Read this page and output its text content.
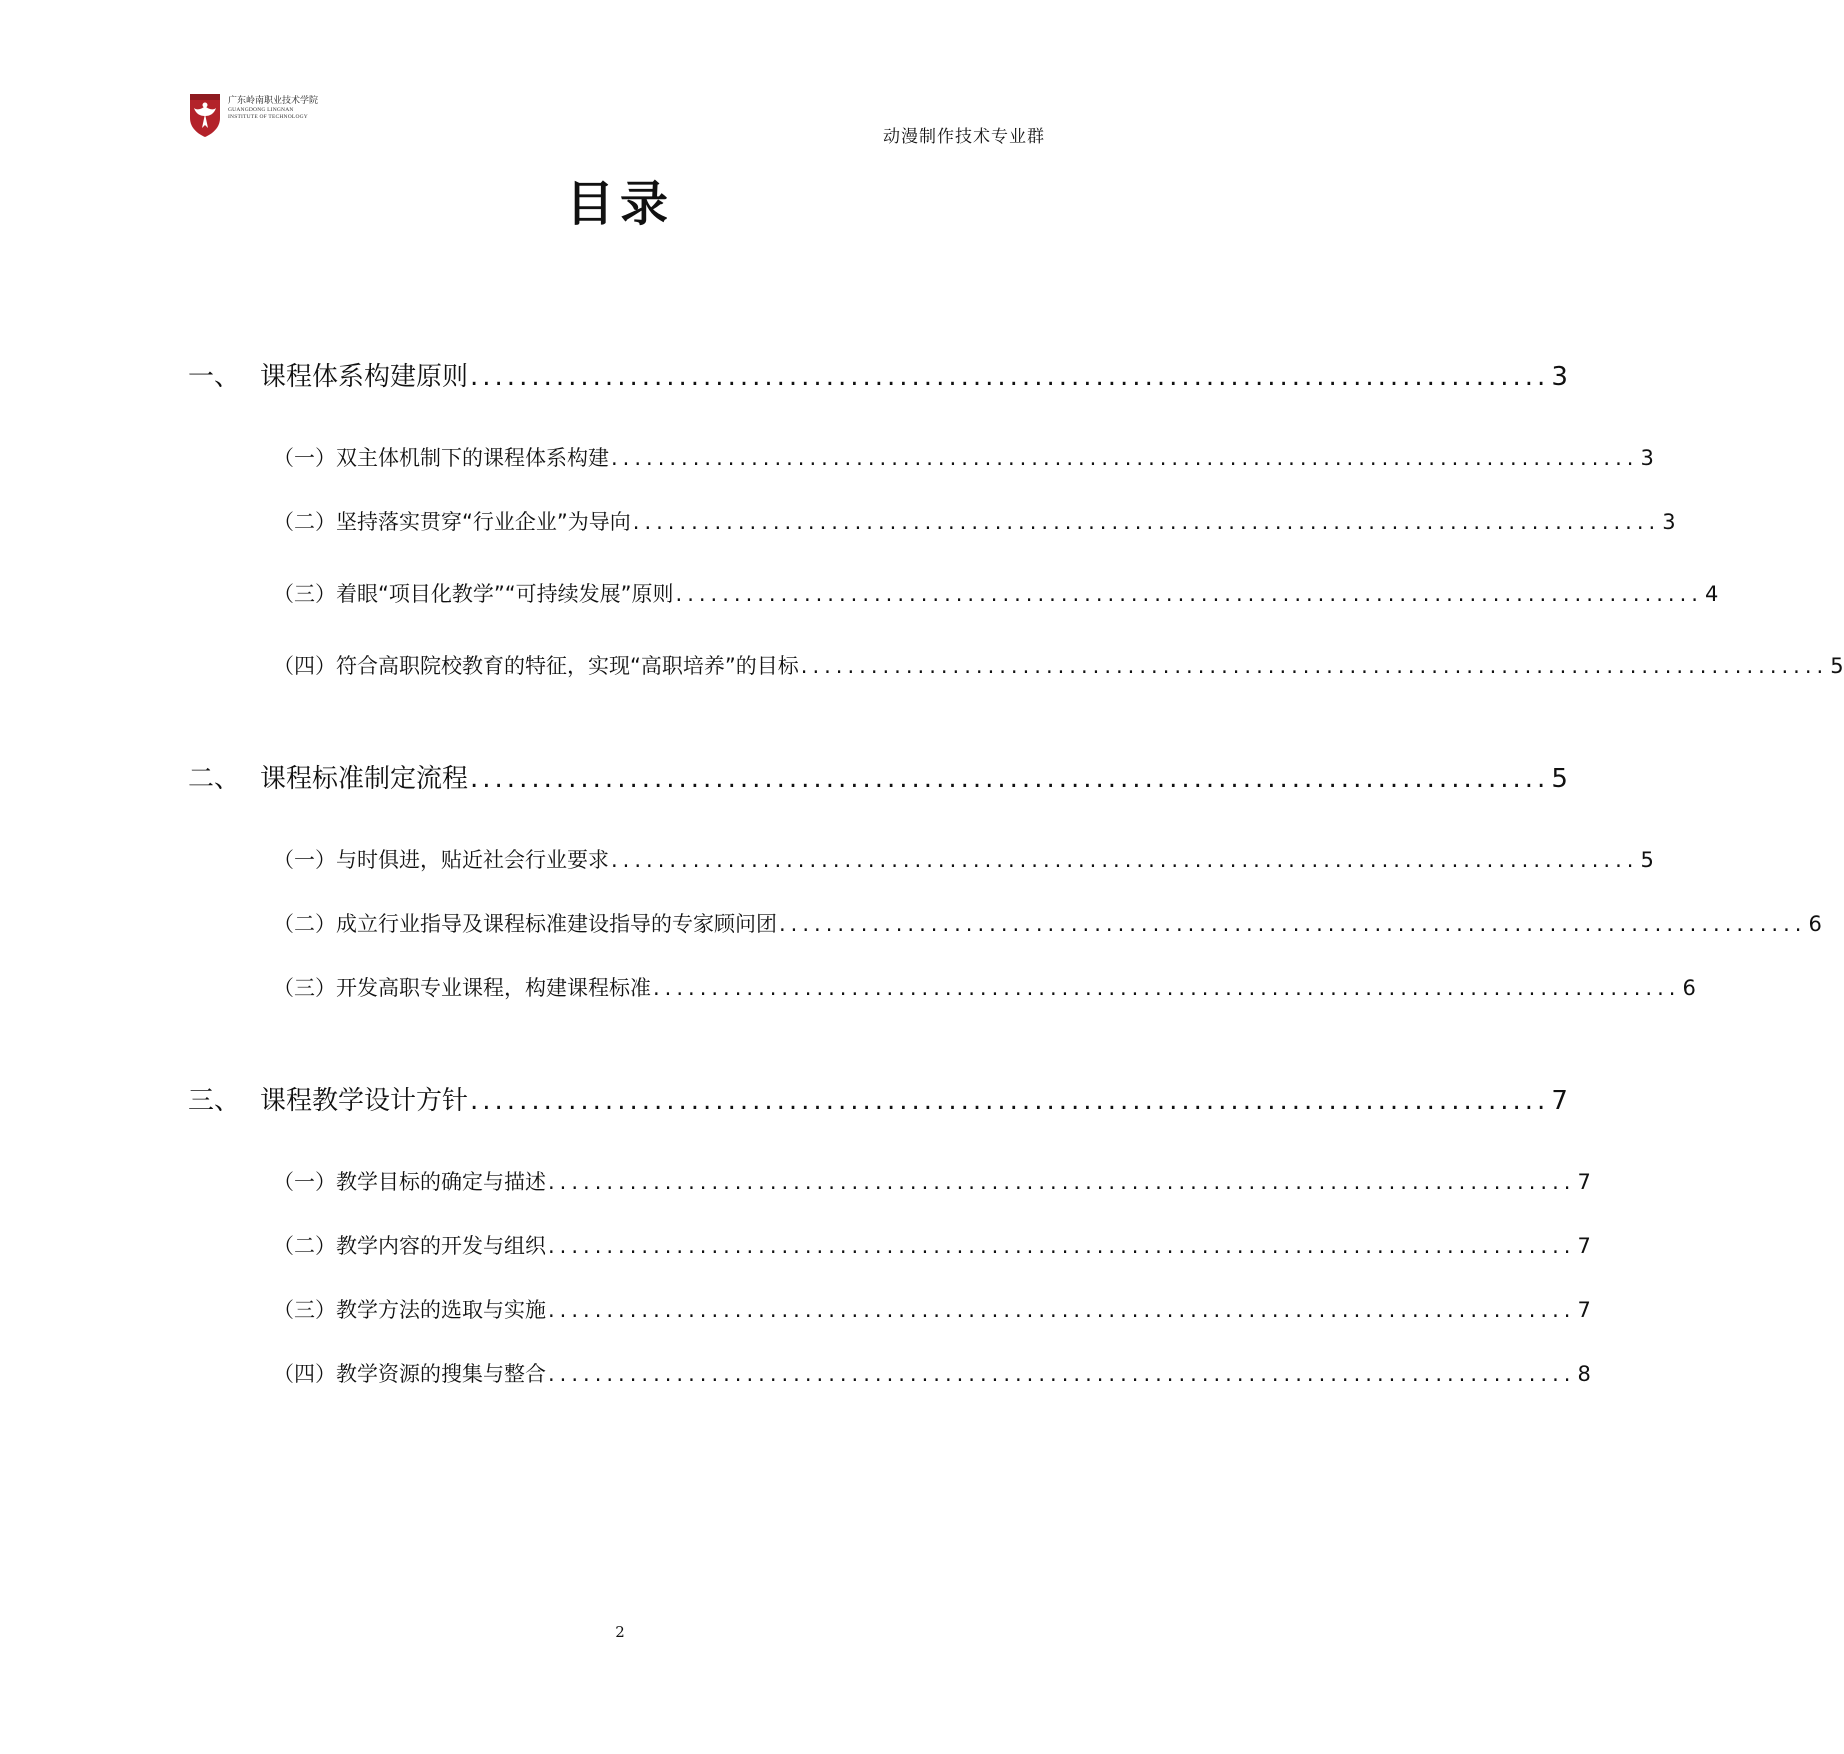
广东岭南职业技术学院
GUANGDONG LINGNAN INSTITUTE OF TECHNOLOGY
动漫制作技术专业群
目录
一、 课程体系构建原则 ........................................................................................ 3
（一）双主体机制下的课程体系构建 ........................................................................................ 3
（二）坚持落实贯穿“行业企业”为导向 ........................................................................................ 3
（三）着眼“项目化教学”“可持续发展”原则 ........................................................................................ 4
（四）符合高职院校教育的特征，实现“高职培养”的目标 ........................................................................................ 5
二、 课程标准制定流程 ........................................................................................ 5
（一）与时俱进，贴近社会行业要求 ........................................................................................ 5
（二）成立行业指导及课程标准建设指导的专家顾问团 ........................................................................................ 6
（三）开发高职专业课程，构建课程标准 ........................................................................................ 6
三、 课程教学设计方针 ........................................................................................ 7
（一）教学目标的确定与描述 ........................................................................................ 7
（二）教学内容的开发与组织 ........................................................................................ 7
（三）教学方法的选取与实施 ........................................................................................ 7
（四）教学资源的搜集与整合 ........................................................................................ 8
2
